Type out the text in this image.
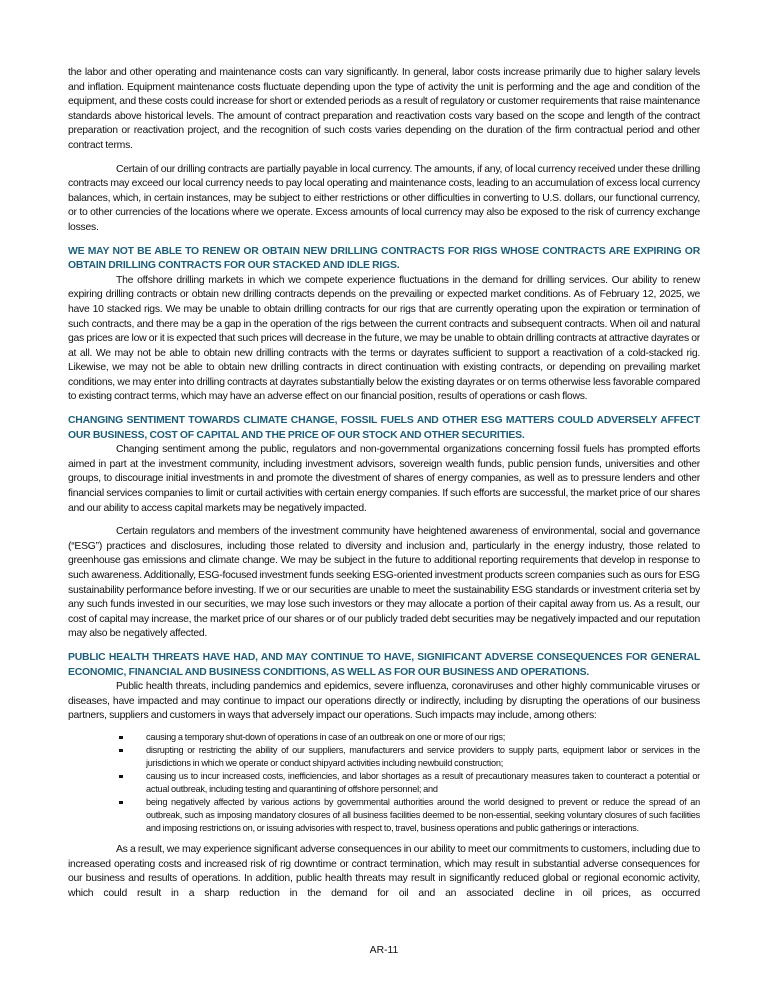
the labor and other operating and maintenance costs can vary significantly. In general, labor costs increase primarily due to higher salary levels and inflation. Equipment maintenance costs fluctuate depending upon the type of activity the unit is performing and the age and condition of the equipment, and these costs could increase for short or extended periods as a result of regulatory or customer requirements that raise maintenance standards above historical levels. The amount of contract preparation and reactivation costs vary based on the scope and length of the contract preparation or reactivation project, and the recognition of such costs varies depending on the duration of the firm contractual period and other contract terms.

Certain of our drilling contracts are partially payable in local currency. The amounts, if any, of local currency received under these drilling contracts may exceed our local currency needs to pay local operating and maintenance costs, leading to an accumulation of excess local currency balances, which, in certain instances, may be subject to either restrictions or other difficulties in converting to U.S. dollars, our functional currency, or to other currencies of the locations where we operate. Excess amounts of local currency may also be exposed to the risk of currency exchange losses.

WE MAY NOT BE ABLE TO RENEW OR OBTAIN NEW DRILLING CONTRACTS FOR RIGS WHOSE CONTRACTS ARE EXPIRING OR OBTAIN DRILLING CONTRACTS FOR OUR STACKED AND IDLE RIGS.

The offshore drilling markets in which we compete experience fluctuations in the demand for drilling services. Our ability to renew expiring drilling contracts or obtain new drilling contracts depends on the prevailing or expected market conditions. As of February 12, 2025, we have 10 stacked rigs. We may be unable to obtain drilling contracts for our rigs that are currently operating upon the expiration or termination of such contracts, and there may be a gap in the operation of the rigs between the current contracts and subsequent contracts. When oil and natural gas prices are low or it is expected that such prices will decrease in the future, we may be unable to obtain drilling contracts at attractive dayrates or at all. We may not be able to obtain new drilling contracts with the terms or dayrates sufficient to support a reactivation of a cold-stacked rig. Likewise, we may not be able to obtain new drilling contracts in direct continuation with existing contracts, or depending on prevailing market conditions, we may enter into drilling contracts at dayrates substantially below the existing dayrates or on terms otherwise less favorable compared to existing contract terms, which may have an adverse effect on our financial position, results of operations or cash flows.

CHANGING SENTIMENT TOWARDS CLIMATE CHANGE, FOSSIL FUELS AND OTHER ESG MATTERS COULD ADVERSELY AFFECT OUR BUSINESS, COST OF CAPITAL AND THE PRICE OF OUR STOCK AND OTHER SECURITIES.

Changing sentiment among the public, regulators and non-governmental organizations concerning fossil fuels has prompted efforts aimed in part at the investment community, including investment advisors, sovereign wealth funds, public pension funds, universities and other groups, to discourage initial investments in and promote the divestment of shares of energy companies, as well as to pressure lenders and other financial services companies to limit or curtail activities with certain energy companies. If such efforts are successful, the market price of our shares and our ability to access capital markets may be negatively impacted.

Certain regulators and members of the investment community have heightened awareness of environmental, social and governance (“ESG”) practices and disclosures, including those related to diversity and inclusion and, particularly in the energy industry, those related to greenhouse gas emissions and climate change. We may be subject in the future to additional reporting requirements that develop in response to such awareness. Additionally, ESG-focused investment funds seeking ESG-oriented investment products screen companies such as ours for ESG sustainability performance before investing. If we or our securities are unable to meet the sustainability ESG standards or investment criteria set by any such funds invested in our securities, we may lose such investors or they may allocate a portion of their capital away from us. As a result, our cost of capital may increase, the market price of our shares or of our publicly traded debt securities may be negatively impacted and our reputation may also be negatively affected.

PUBLIC HEALTH THREATS HAVE HAD, AND MAY CONTINUE TO HAVE, SIGNIFICANT ADVERSE CONSEQUENCES FOR GENERAL ECONOMIC, FINANCIAL AND BUSINESS CONDITIONS, AS WELL AS FOR OUR BUSINESS AND OPERATIONS.

Public health threats, including pandemics and epidemics, severe influenza, coronaviruses and other highly communicable viruses or diseases, have impacted and may continue to impact our operations directly or indirectly, including by disrupting the operations of our business partners, suppliers and customers in ways that adversely impact our operations. Such impacts may include, among others:

causing a temporary shut-down of operations in case of an outbreak on one or more of our rigs;
disrupting or restricting the ability of our suppliers, manufacturers and service providers to supply parts, equipment labor or services in the jurisdictions in which we operate or conduct shipyard activities including newbuild construction;
causing us to incur increased costs, inefficiencies, and labor shortages as a result of precautionary measures taken to counteract a potential or actual outbreak, including testing and quarantining of offshore personnel; and
being negatively affected by various actions by governmental authorities around the world designed to prevent or reduce the spread of an outbreak, such as imposing mandatory closures of all business facilities deemed to be non-essential, seeking voluntary closures of such facilities and imposing restrictions on, or issuing advisories with respect to, travel, business operations and public gatherings or interactions.

As a result, we may experience significant adverse consequences in our ability to meet our commitments to customers, including due to increased operating costs and increased risk of rig downtime or contract termination, which may result in substantial adverse consequences for our business and results of operations. In addition, public health threats may result in significantly reduced global or regional economic activity, which could result in a sharp reduction in the demand for oil and an associated decline in oil prices, as occurred

AR-11
